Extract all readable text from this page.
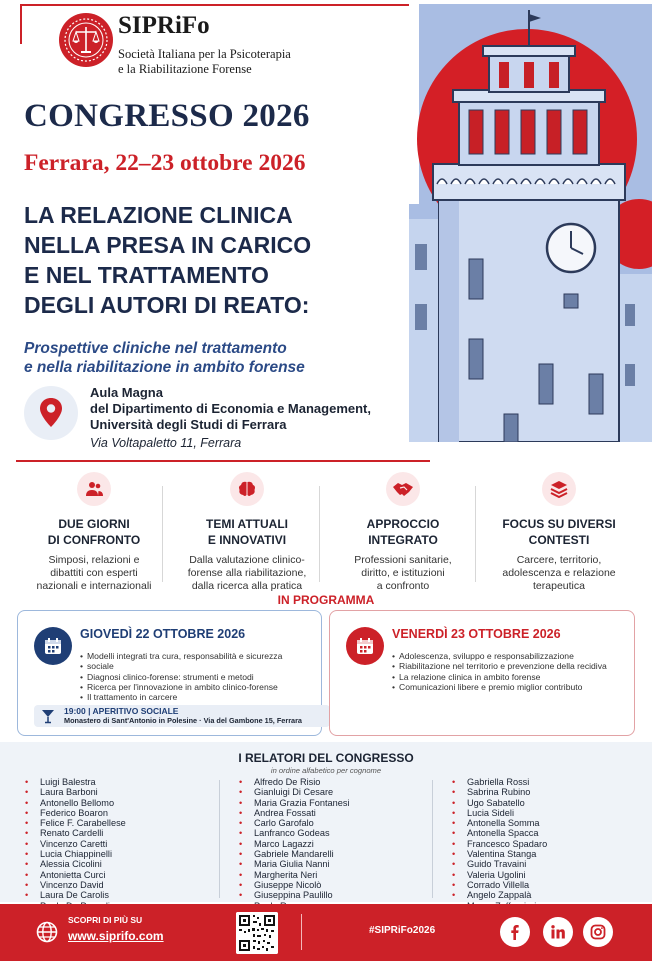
SIPRiFo
Società Italiana per la Psicoterapia
e la Riabilitazione Forense
CONGRESSO 2026
Ferrara, 22–23 ottobre 2026
LA RELAZIONE CLINICA
NELLA PRESA IN CARICO
E NEL TRATTAMENTO
DEGLI AUTORI DI REATO:
Prospettive cliniche nel trattamento
e nella riabilitazione in ambito forense
Aula Magna
del Dipartimento di Economia e Management,
Università degli Studi di Ferrara
Via Voltapaletto 11, Ferrara
DUE GIORNI
DI CONFRONTO
Simposi, relazioni e
dibattiti con esperti
nazionali e internazionali
TEMI ATTUALI
E INNOVATIVI
Dalla valutazione clinico-
forense alla riabilitazione,
dalla ricerca alla pratica
APPROCCIO
INTEGRATO
Professioni sanitarie,
diritto, e istituzioni
a confronto
FOCUS SU DIVERSI
CONTESTI
Carcere, territorio,
adolescenza e relazione
terapeutica
IN PROGRAMMA
GIOVEDÌ 22 OTTOBRE 2026
• Modelli integrati tra cura, responsabilità e sicurezza
• sociale
• Diagnosi clinico-forense: strumenti e metodi
• Ricerca per l'innovazione in ambito clinico-forense
• Il trattamento in carcere
19:00 | APERITIVO SOCIALE
Monastero di Sant'Antonio in Polesine · Via del Gambone 15, Ferrara
VENERDÌ 23 OTTOBRE 2026
• Adolescenza, sviluppo e responsabilizzazione
• Riabilitazione nel territorio e prevenzione della recidiva
• La relazione clinica in ambito forense
• Comunicazioni libere e premio miglior contributo
I RELATORI DEL CONGRESSO
in ordine alfabetico per cognome
• Luigi Balestra
• Laura Barboni
• Antonello Bellomo
• Federico Boaron
• Felice F. Carabellese
• Renato Cardelli
• Vincenzo Caretti
• Lucia Chiappinelli
• Alessia Cicolini
• Antonietta Curci
• Vincenzo David
• Laura De Carolis
•
• Alfredo De Risio
• Gianluigi Di Cesare
• Maria Grazia Fontanesi
• Andrea Fossati
• Carlo Garofalo
• Lanfranco Godeas
• Marco Lagazzi
• Gabriele Mandarelli
• Maria Giulia Nanni
• Margherita Neri
• Giuseppe Nicolò
• Giuseppina Paulillo
•
• Gabriella Rossi
• Sabrina Rubino
• Ugo Sabatello
• Lucia Sideli
• Antonella Somma
• Antonella Spacca
• Francesco Spadaro
• Valentina Stanga
• Guido Travaini
• Valeria Ugolini
• Corrado Villella
• Angelo Zappalà
•
SCOPRI DI PIÙ SU
www.siprifo.com	#SIPRiFo2026
